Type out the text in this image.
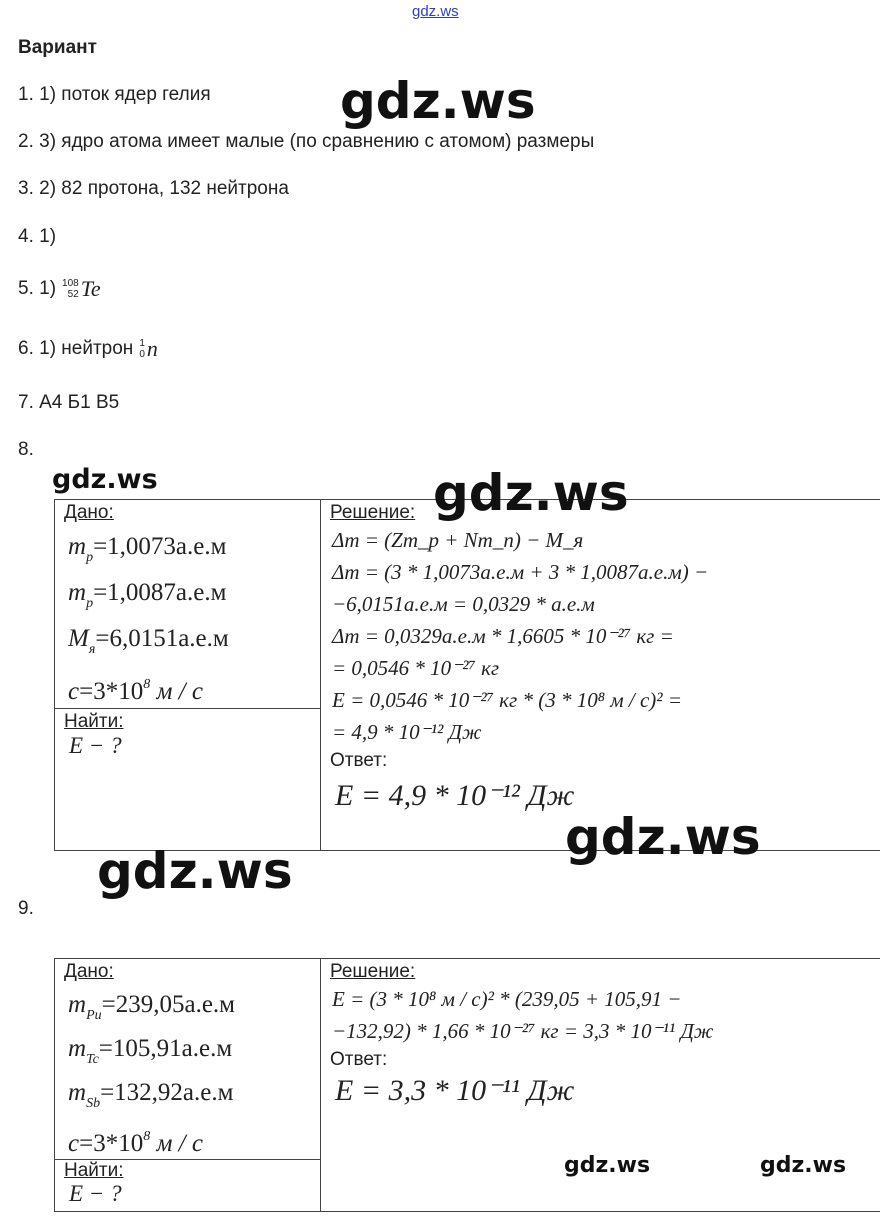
gdz.ws
Вариант
1. 1) поток ядер гелия
2. 3) ядро атома имеет малые (по сравнению с атомом) размеры
3. 2) 82 протона, 132 нейтрона
4. 1)
5. 1) 108
52 Te
6. 1) нейтрон 1
0 n
7. А4 Б1 В5
8.
Дано:
$m_p=1,0073а.е.м$
$m_p=1,0087а.е.м$
$M_я=6,0151а.е.м$
$c=3*10^8$ м / c

Решение:
Δm = (Zm_p + Nm_n) − M_я
Δm = (3 * 1,0073а.е.м + 3 * 1,0087а.е.м) −
−6,0151а.е.м = 0,0329 * а.е.м
Δm = 0,0329а.е.м * 1,6605 * 10⁻²⁷ кг =
= 0,0546 * 10⁻²⁷ кг
E = 0,0546 * 10⁻²⁷ кг * (3 * 10⁸ м / c)² =
= 4,9 * 10⁻¹² Дж
Ответ:
E = 4,9 * 10⁻¹² Дж

Найти:
E − ?
9.
Дано:
$m_{Pu}=239,05а.е.м$
$m_{Tc}=105,91а.е.м$
$m_{Sb}=132,92а.е.м$
$c=3*10^8$ м / c

Решение:
E = (3 * 10⁸ м / c)² * (239,05 + 105,91 −
−132,92) * 1,66 * 10⁻²⁷ кг = 3,3 * 10⁻¹¹ Дж
Ответ:
E = 3,3 * 10⁻¹¹ Дж

Найти:
E − ?
gdz.ws
gdz.ws	gdz.ws
gdz.ws
gdz.ws
gdz.ws	gdz.ws
